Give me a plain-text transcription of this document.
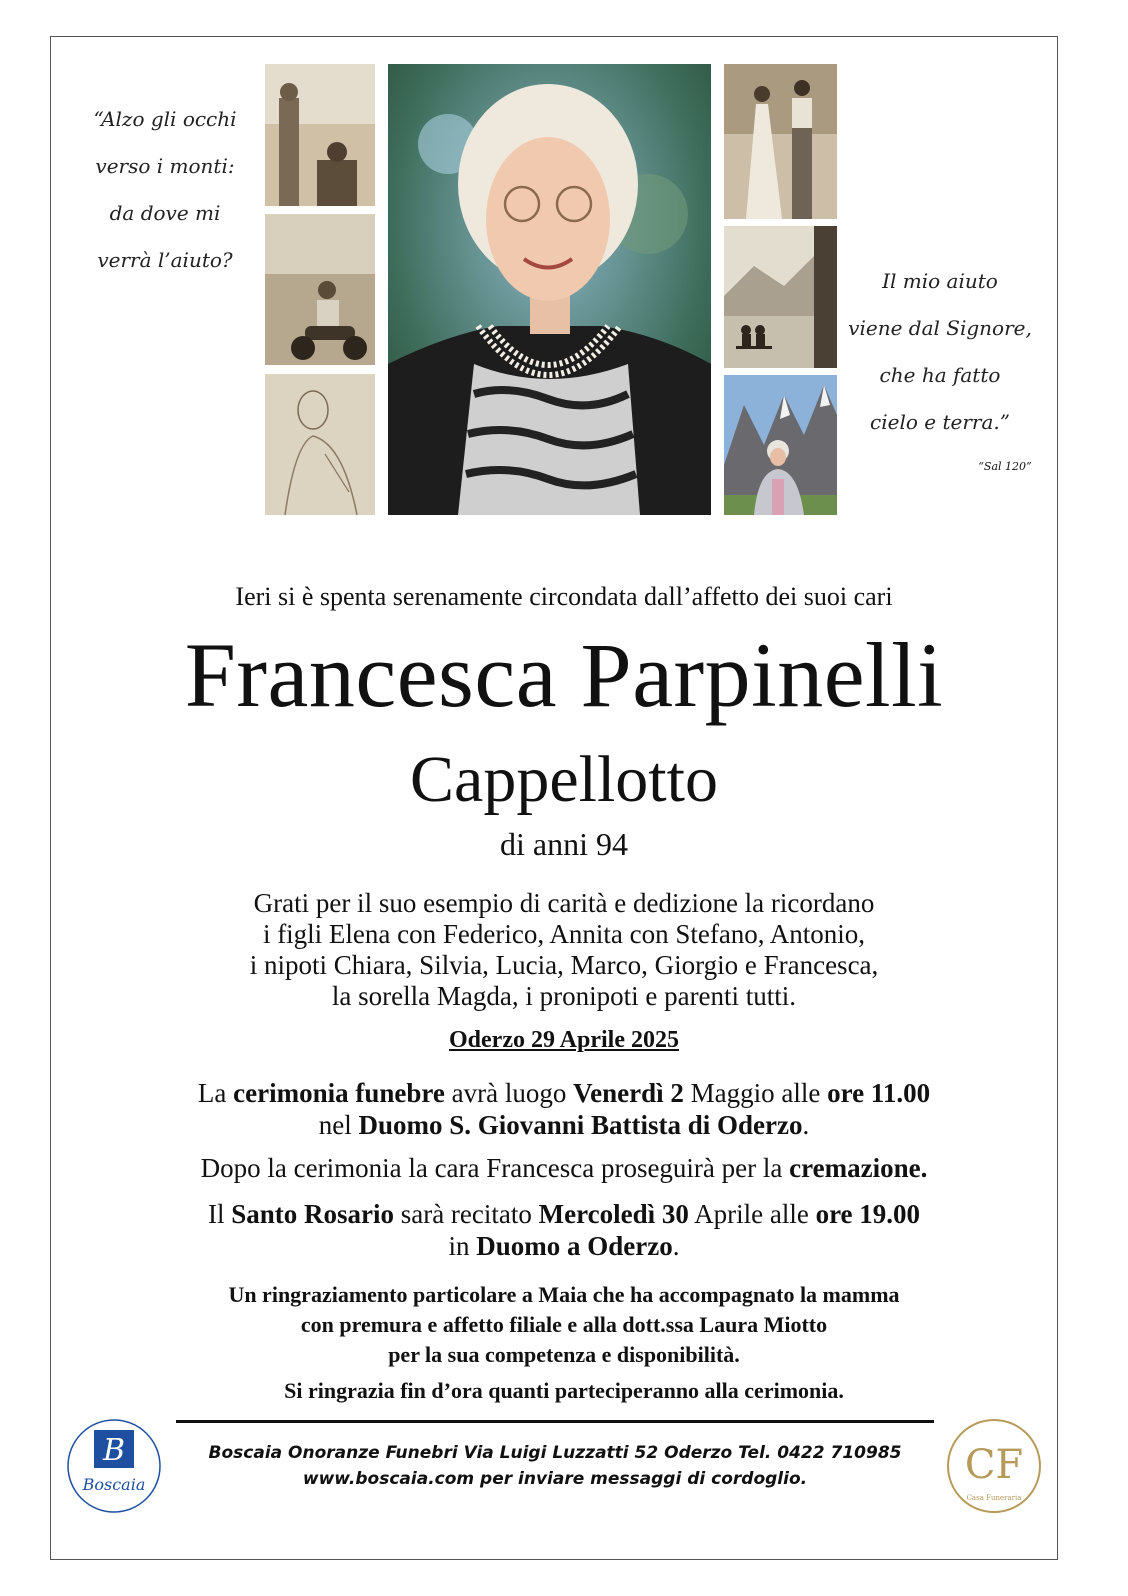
“Alzo gli occhi
verso i monti:
da dove mi
verrà l’aiuto?
Il mio aiuto
viene dal Signore,
che ha fatto
cielo e terra.”
“Sal 120”
Ieri si è spenta serenamente circondata dall’affetto dei suoi cari
Francesca Parpinelli
Cappellotto
di anni 94
Grati per il suo esempio di carità e dedizione la ricordano
i figli Elena con Federico, Annita con Stefano, Antonio,
i nipoti Chiara, Silvia, Lucia, Marco, Giorgio e Francesca,
la sorella Magda, i pronipoti e parenti tutti.
Oderzo 29 Aprile 2025
La cerimonia funebre avrà luogo Venerdì 2 Maggio alle ore 11.00
nel Duomo S. Giovanni Battista di Oderzo.
Dopo la cerimonia la cara Francesca proseguirà per la cremazione.
Il Santo Rosario sarà recitato Mercoledì 30 Aprile alle ore 19.00
in Duomo a Oderzo.
Un ringraziamento particolare a Maia che ha accompagnato la mamma
con premura e affetto filiale e alla dott.ssa Laura Miotto
per la sua competenza e disponibilità.
Si ringrazia fin d’ora quanti parteciperanno alla cerimonia.
B
Boscaia
Boscaia Onoranze Funebri Via Luigi Luzzatti 52 Oderzo Tel. 0422 710985
www.boscaia.com per inviare messaggi di cordoglio.	CF
Casa Funeraria
